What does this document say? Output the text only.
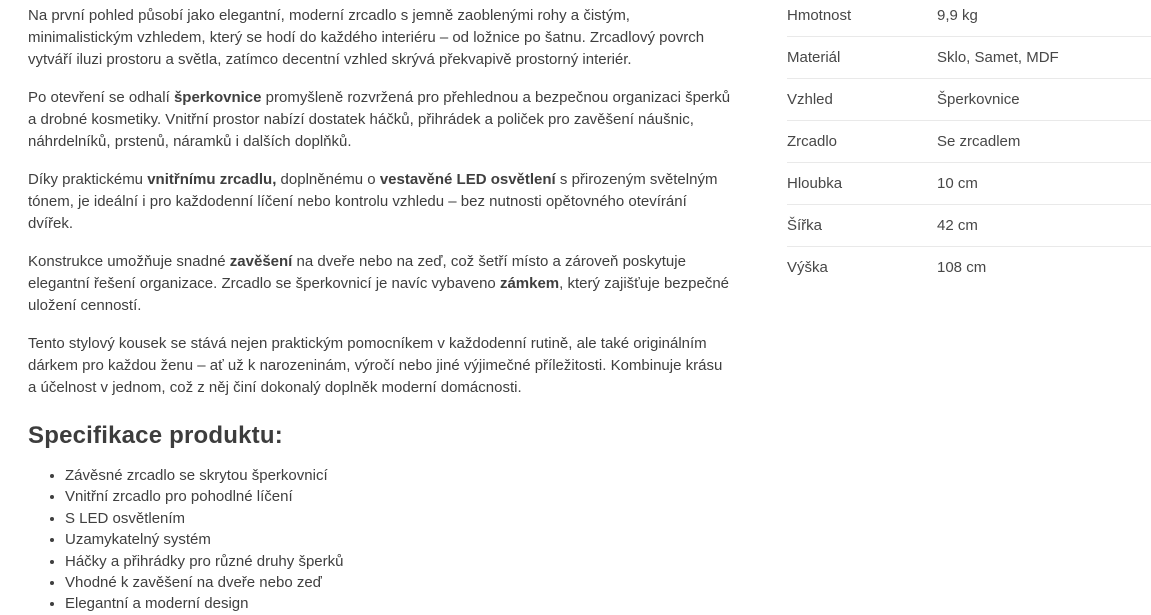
Na první pohled působí jako elegantní, moderní zrcadlo s jemně zaoblenými rohy a čistým, minimalistickým vzhledem, který se hodí do každého interiéru – od ložnice po šatnu. Zrcadlový povrch vytváří iluzi prostoru a světla, zatímco decentní vzhled skrývá překvapivě prostorný interiér.

Po otevření se odhalí šperkovnice promyšleně rozvržená pro přehlednou a bezpečnou organizaci šperků a drobné kosmetiky. Vnitřní prostor nabízí dostatek háčků, přihrádek a poliček pro zavěšení náušnic, náhrdelníků, prstenů, náramků i dalších doplňků.

Díky praktickému vnitřnímu zrcadlu, doplněnému o vestavěné LED osvětlení s přirozeným světelným tónem, je ideální i pro každodenní líčení nebo kontrolu vzhledu – bez nutnosti opětovného otevírání dvířek.

Konstrukce umožňuje snadné zavěšení na dveře nebo na zeď, což šetří místo a zároveň poskytuje elegantní řešení organizace. Zrcadlo se šperkovnicí je navíc vybaveno zámkem, který zajišťuje bezpečné uložení cenností.

Tento stylový kousek se stává nejen praktickým pomocníkem v každodenní rutině, ale také originálním dárkem pro každou ženu – ať už k narozeninám, výročí nebo jiné výjimečné příležitosti. Kombinuje krásu a účelnost v jednom, což z něj činí dokonalý doplněk moderní domácnosti.

Specifikace produktu:
• Závěsné zrcadlo se skrytou šperkovnicí
• Vnitřní zrcadlo pro pohodlné líčení
• S LED osvětlením
• Uzamykatelný systém
• Háčky a přihrádky pro různé druhy šperků
• Vhodné k zavěšení na dveře nebo zeď
• Elegantní a moderní design
Hmotnost	9,9 kg
Materiál	Sklo, Samet, MDF
Vzhled	Šperkovnice
Zrcadlo	Se zrcadlem
Hloubka	10 cm
Šířka	42 cm
Výška	108 cm
